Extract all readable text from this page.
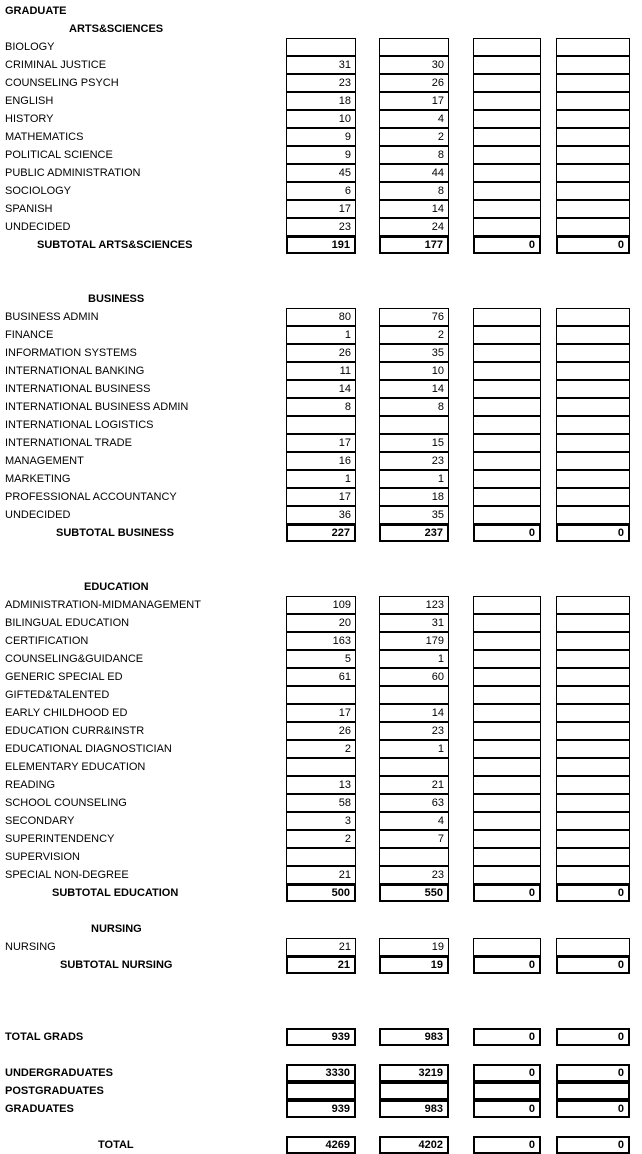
GRADUATE
ARTS&SCIENCES
BIOLOGY
CRIMINAL JUSTICE	31	30
COUNSELING PSYCH	23	26
ENGLISH	18	17
HISTORY	10	4
MATHEMATICS	9	2
POLITICAL SCIENCE	9	8
PUBLIC ADMINISTRATION	45	44
SOCIOLOGY	6	8
SPANISH	17	14
UNDECIDED	23	24
SUBTOTAL ARTS&SCIENCES	191	177	0	0
BUSINESS
BUSINESS ADMIN	80	76
FINANCE	1	2
INFORMATION SYSTEMS	26	35
INTERNATIONAL BANKING	11	10
INTERNATIONAL BUSINESS	14	14
INTERNATIONAL BUSINESS ADMIN	8	8
INTERNATIONAL LOGISTICS
INTERNATIONAL TRADE	17	15
MANAGEMENT	16	23
MARKETING	1	1
PROFESSIONAL ACCOUNTANCY	17	18
UNDECIDED	36	35
SUBTOTAL BUSINESS	227	237	0	0
EDUCATION
ADMINISTRATION-MIDMANAGEMENT	109	123
BILINGUAL EDUCATION	20	31
CERTIFICATION	163	179
COUNSELING&GUIDANCE	5	1
GENERIC SPECIAL ED	61	60
GIFTED&TALENTED
EARLY CHILDHOOD ED	17	14
EDUCATION CURR&INSTR	26	23
EDUCATIONAL DIAGNOSTICIAN	2	1
ELEMENTARY EDUCATION
READING	13	21
SCHOOL COUNSELING	58	63
SECONDARY	3	4
SUPERINTENDENCY	2	7
SUPERVISION
SPECIAL NON-DEGREE	21	23
SUBTOTAL EDUCATION	500	550	0	0
NURSING
NURSING	21	19
SUBTOTAL NURSING	21	19	0	0
TOTAL GRADS	939	983	0	0
UNDERGRADUATES	3330	3219	0	0
POSTGRADUATES
GRADUATES	939	983	0	0
TOTAL	4269	4202	0	0
